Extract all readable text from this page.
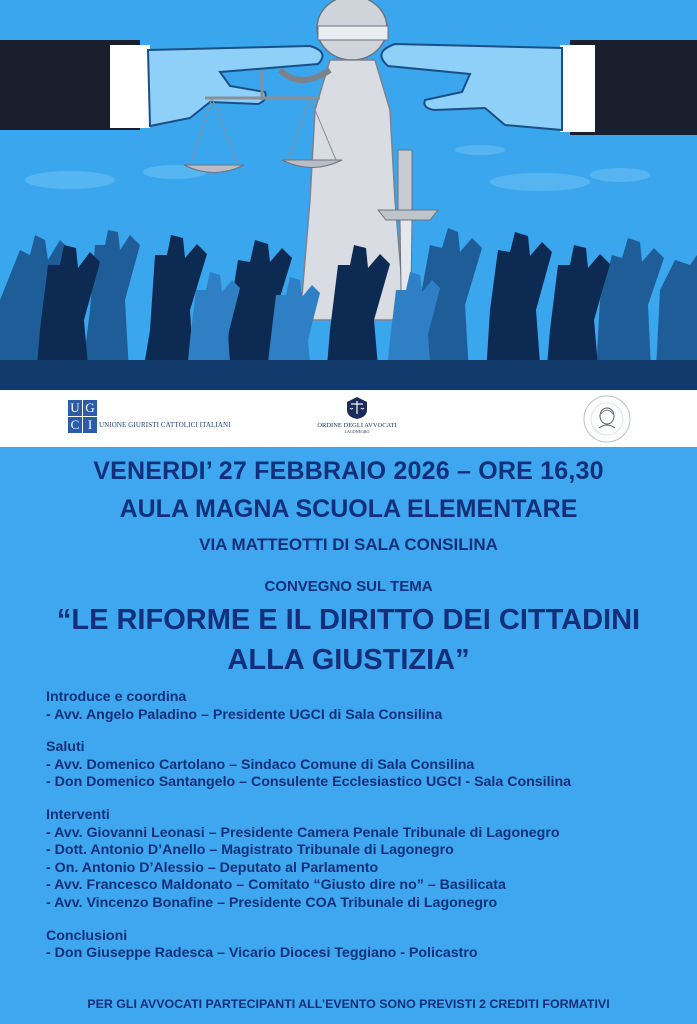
U G
C I UNIONE GIURISTI CATTOLICI ITALIANI	ORDINE DEGLI AVVOCATI
LAGONEGRO
VENERDI’ 27 FEBBRAIO 2026 – ORE 16,30
AULA MAGNA SCUOLA ELEMENTARE
VIA MATTEOTTI DI SALA CONSILINA
CONVEGNO SUL TEMA
“LE RIFORME E IL DIRITTO DEI CITTADINI
ALLA GIUSTIZIA”
Introduce e coordina
- Avv. Angelo Paladino – Presidente UGCI di Sala Consilina
Saluti
- Avv. Domenico Cartolano – Sindaco Comune di Sala Consilina
- Don Domenico Santangelo – Consulente Ecclesiastico UGCI - Sala Consilina
Interventi
- Avv. Giovanni Leonasi – Presidente Camera Penale Tribunale di Lagonegro
- Dott. Antonio D’Anello – Magistrato Tribunale di Lagonegro
- On. Antonio D’Alessio – Deputato al Parlamento
- Avv. Francesco Maldonato – Comitato “Giusto dire no” – Basilicata
- Avv. Vincenzo Bonafine – Presidente COA Tribunale di Lagonegro
Conclusioni
- Don Giuseppe Radesca – Vicario Diocesi Teggiano - Policastro
PER GLI AVVOCATI PARTECIPANTI ALL’EVENTO SONO PREVISTI 2 CREDITI FORMATIVI
